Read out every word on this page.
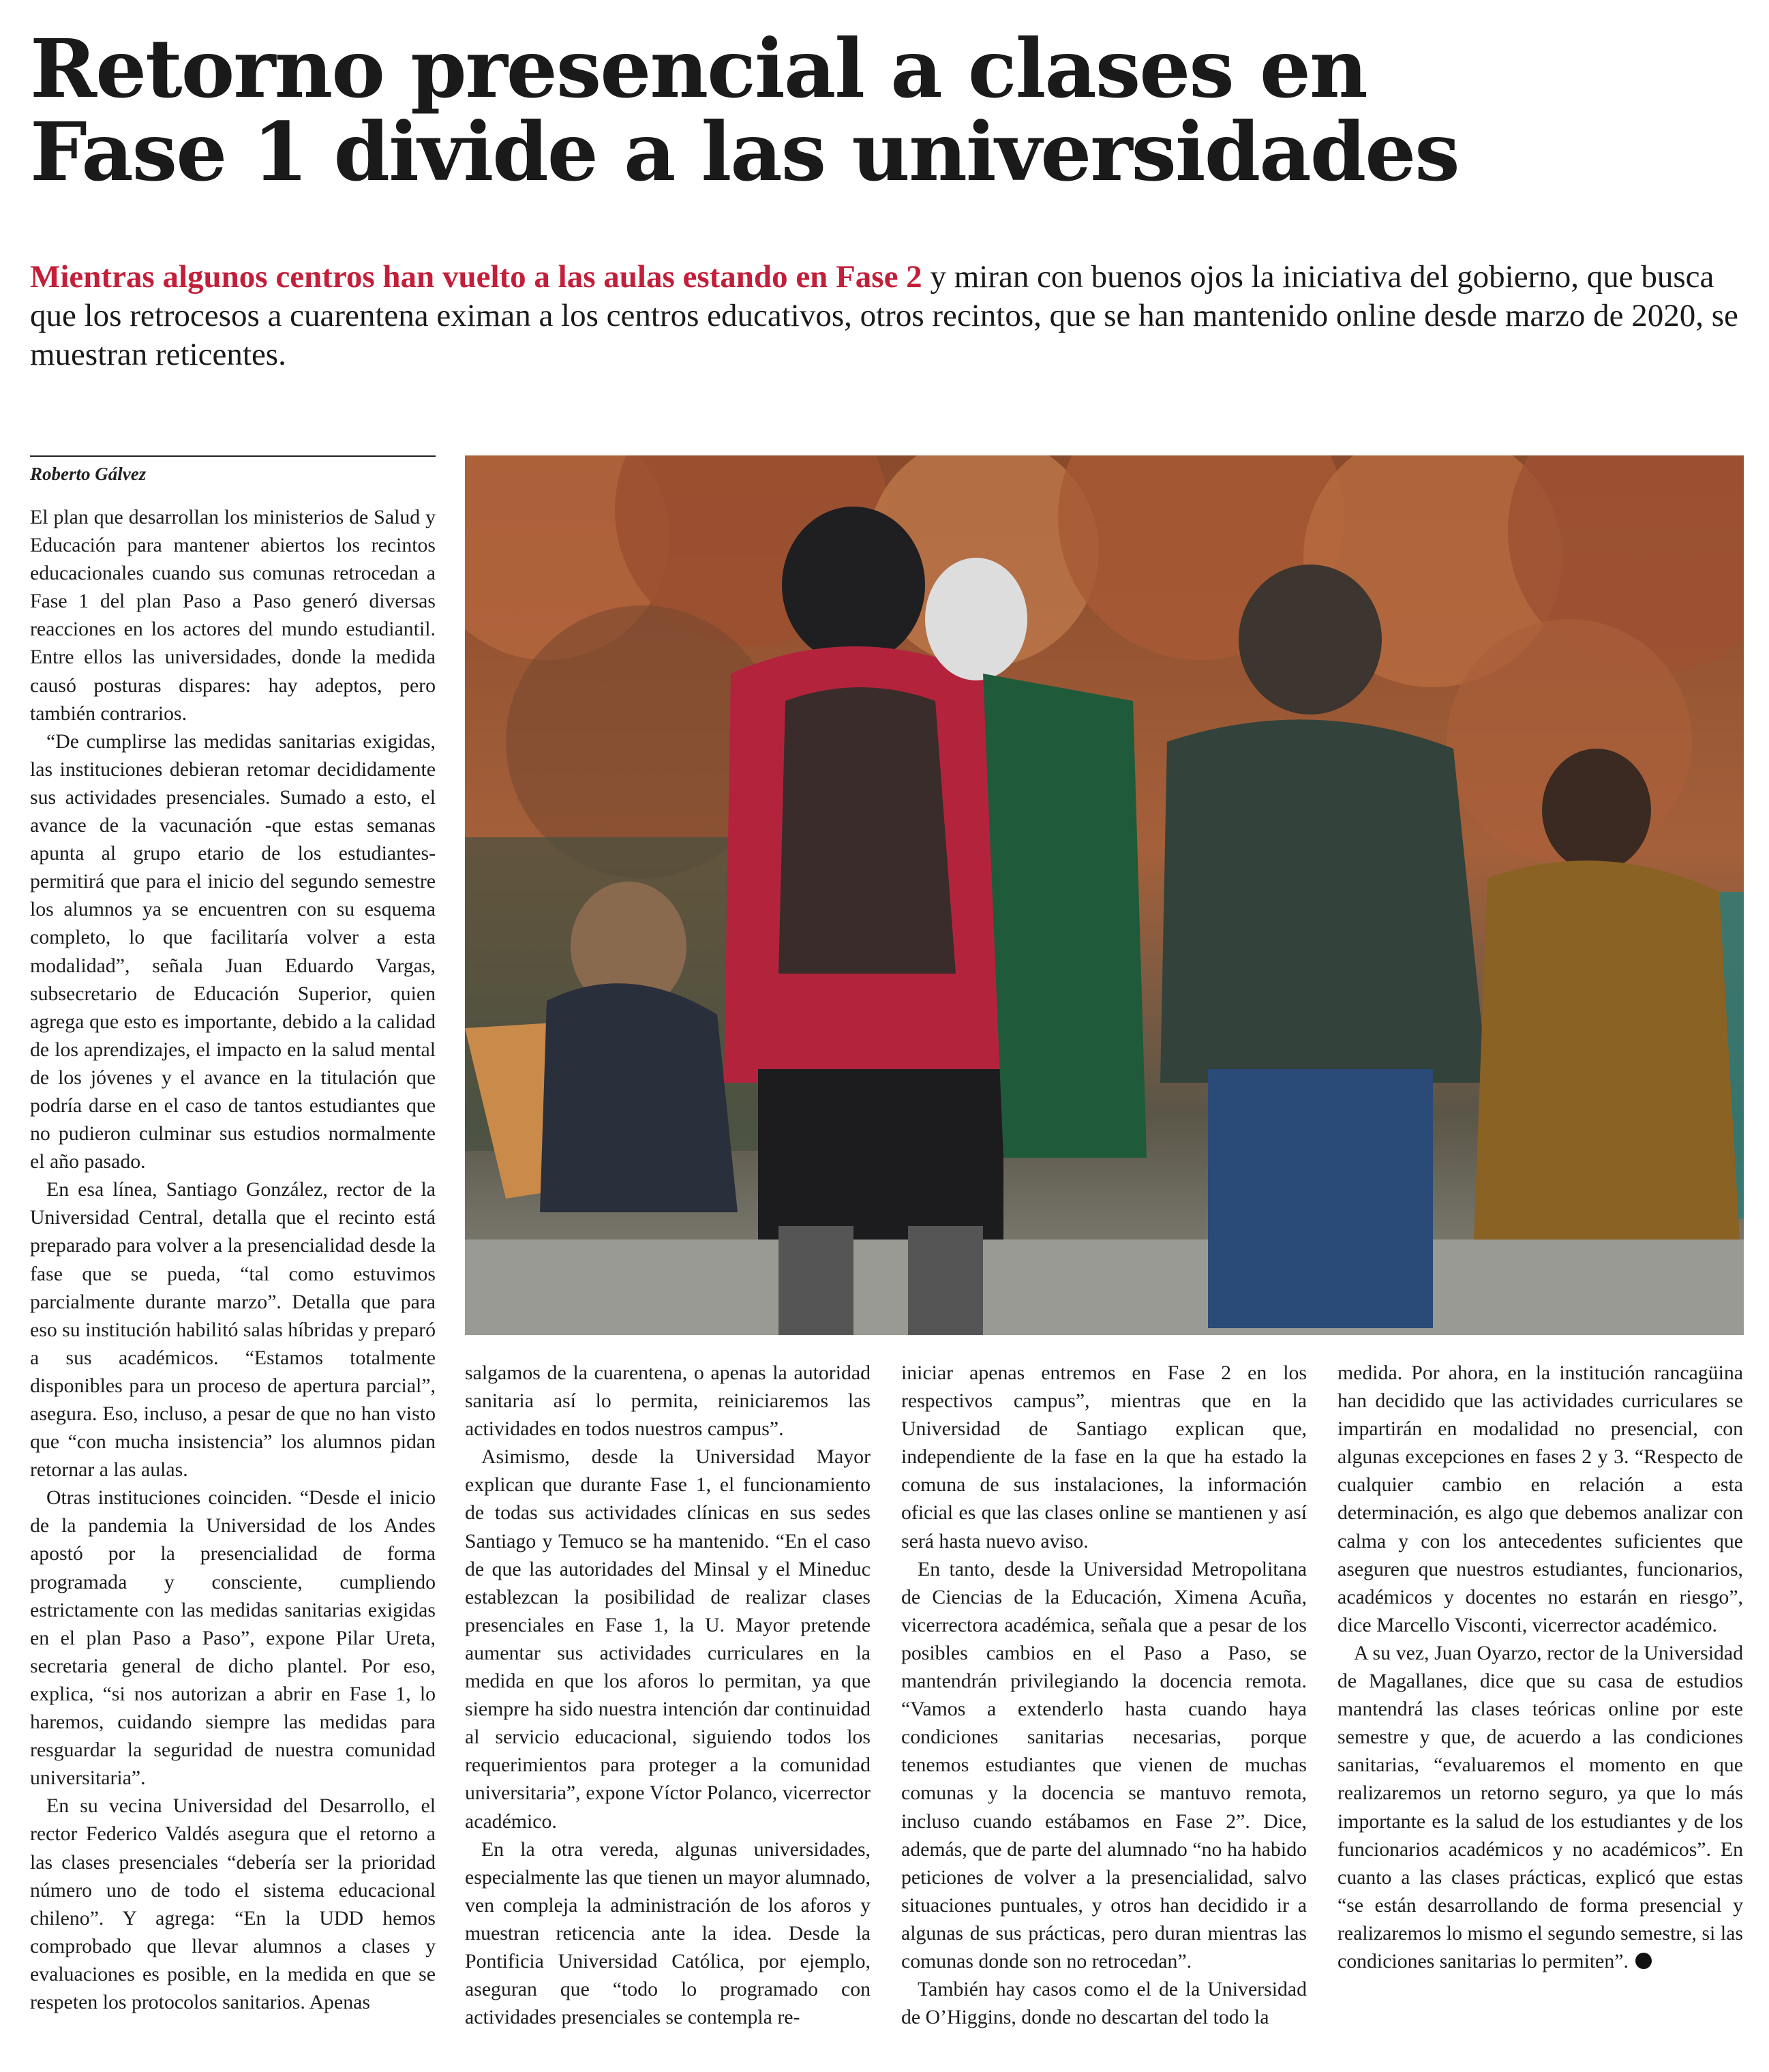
Retorno presencial a clases en
Fase 1 divide a las universidades

Mientras algunos centros han vuelto a las aulas estando en Fase 2 y miran con buenos ojos la iniciativa del gobierno, que busca que los retrocesos a cuarentena eximan a los centros educativos, otros recintos, que se han mantenido online desde marzo de 2020, se muestran reticentes.

Roberto Gálvez

El plan que desarrollan los ministerios de Salud y Educación para mantener abiertos los recintos educacionales cuando sus comunas retrocedan a Fase 1 del plan Paso a Paso generó diversas reacciones en los actores del mundo estudiantil. Entre ellos las universidades, donde la medida causó posturas dispares: hay adeptos, pero también contrarios.

“De cumplirse las medidas sanitarias exigidas, las instituciones debieran retomar decididamente sus actividades presenciales. Sumado a esto, el avance de la vacunación -que estas semanas apunta al grupo etario de los estudiantes- permitirá que para el inicio del segundo semestre los alumnos ya se encuentren con su esquema completo, lo que facilitaría volver a esta modalidad”, señala Juan Eduardo Vargas, subsecretario de Educación Superior, quien agrega que esto es importante, debido a la calidad de los aprendizajes, el impacto en la salud mental de los jóvenes y el avance en la titulación que podría darse en el caso de tantos estudiantes que no pudieron culminar sus estudios normalmente el año pasado.

En esa línea, Santiago González, rector de la Universidad Central, detalla que el recinto está preparado para volver a la presencialidad desde la fase que se pueda, “tal como estuvimos parcialmente durante marzo”. Detalla que para eso su institución habilitó salas híbridas y preparó a sus académicos. “Estamos totalmente disponibles para un proceso de apertura parcial”, asegura. Eso, incluso, a pesar de que no han visto que “con mucha insistencia” los alumnos pidan retornar a las aulas.

Otras instituciones coinciden. “Desde el inicio de la pandemia la Universidad de los Andes apostó por la presencialidad de forma programada y consciente, cumpliendo estrictamente con las medidas sanitarias exigidas en el plan Paso a Paso”, expone Pilar Ureta, secretaria general de dicho plantel. Por eso, explica, “si nos autorizan a abrir en Fase 1, lo haremos, cuidando siempre las medidas para resguardar la seguridad de nuestra comunidad universitaria”.

En su vecina Universidad del Desarrollo, el rector Federico Valdés asegura que el retorno a las clases presenciales “debería ser la prioridad número uno de todo el sistema educacional chileno”. Y agrega: “En la UDD hemos comprobado que llevar alumnos a clases y evaluaciones es posible, en la medida en que se respeten los protocolos sanitarios. Apenas

salgamos de la cuarentena, o apenas la autoridad sanitaria así lo permita, reiniciaremos las actividades en todos nuestros campus”.

Asimismo, desde la Universidad Mayor explican que durante Fase 1, el funcionamiento de todas sus actividades clínicas en sus sedes Santiago y Temuco se ha mantenido. “En el caso de que las autoridades del Minsal y el Mineduc establezcan la posibilidad de realizar clases presenciales en Fase 1, la U. Mayor pretende aumentar sus actividades curriculares en la medida en que los aforos lo permitan, ya que siempre ha sido nuestra intención dar continuidad al servicio educacional, siguiendo todos los requerimientos para proteger a la comunidad universitaria”, expone Víctor Polanco, vicerrector académico.

En la otra vereda, algunas universidades, especialmente las que tienen un mayor alumnado, ven compleja la administración de los aforos y muestran reticencia ante la idea. Desde la Pontificia Universidad Católica, por ejemplo, aseguran que “todo lo programado con actividades presenciales se contempla re-

iniciar apenas entremos en Fase 2 en los respectivos campus”, mientras que en la Universidad de Santiago explican que, independiente de la fase en la que ha estado la comuna de sus instalaciones, la información oficial es que las clases online se mantienen y así será hasta nuevo aviso.

En tanto, desde la Universidad Metropolitana de Ciencias de la Educación, Ximena Acuña, vicerrectora académica, señala que a pesar de los posibles cambios en el Paso a Paso, se mantendrán privilegiando la docencia remota. “Vamos a extenderlo hasta cuando haya condiciones sanitarias necesarias, porque tenemos estudiantes que vienen de muchas comunas y la docencia se mantuvo remota, incluso cuando estábamos en Fase 2”. Dice, además, que de parte del alumnado “no ha habido peticiones de volver a la presencialidad, salvo situaciones puntuales, y otros han decidido ir a algunas de sus prácticas, pero duran mientras las comunas donde son no retrocedan”.

También hay casos como el de la Universidad de O’Higgins, donde no descartan del todo la

medida. Por ahora, en la institución rancagüina han decidido que las actividades curriculares se impartirán en modalidad no presencial, con algunas excepciones en fases 2 y 3. “Respecto de cualquier cambio en relación a esta determinación, es algo que debemos analizar con calma y con los antecedentes suficientes que aseguren que nuestros estudiantes, funcionarios, académicos y docentes no estarán en riesgo”, dice Marcello Visconti, vicerrector académico.

A su vez, Juan Oyarzo, rector de la Universidad de Magallanes, dice que su casa de estudios mantendrá las clases teóricas online por este semestre y que, de acuerdo a las condiciones sanitarias, “evaluaremos el momento en que realizaremos un retorno seguro, ya que lo más importante es la salud de los estudiantes y de los funcionarios académicos y no académicos”. En cuanto a las clases prácticas, explicó que estas “se están desarrollando de forma presencial y realizaremos lo mismo el segundo semestre, si las condiciones sanitarias lo permiten”.
